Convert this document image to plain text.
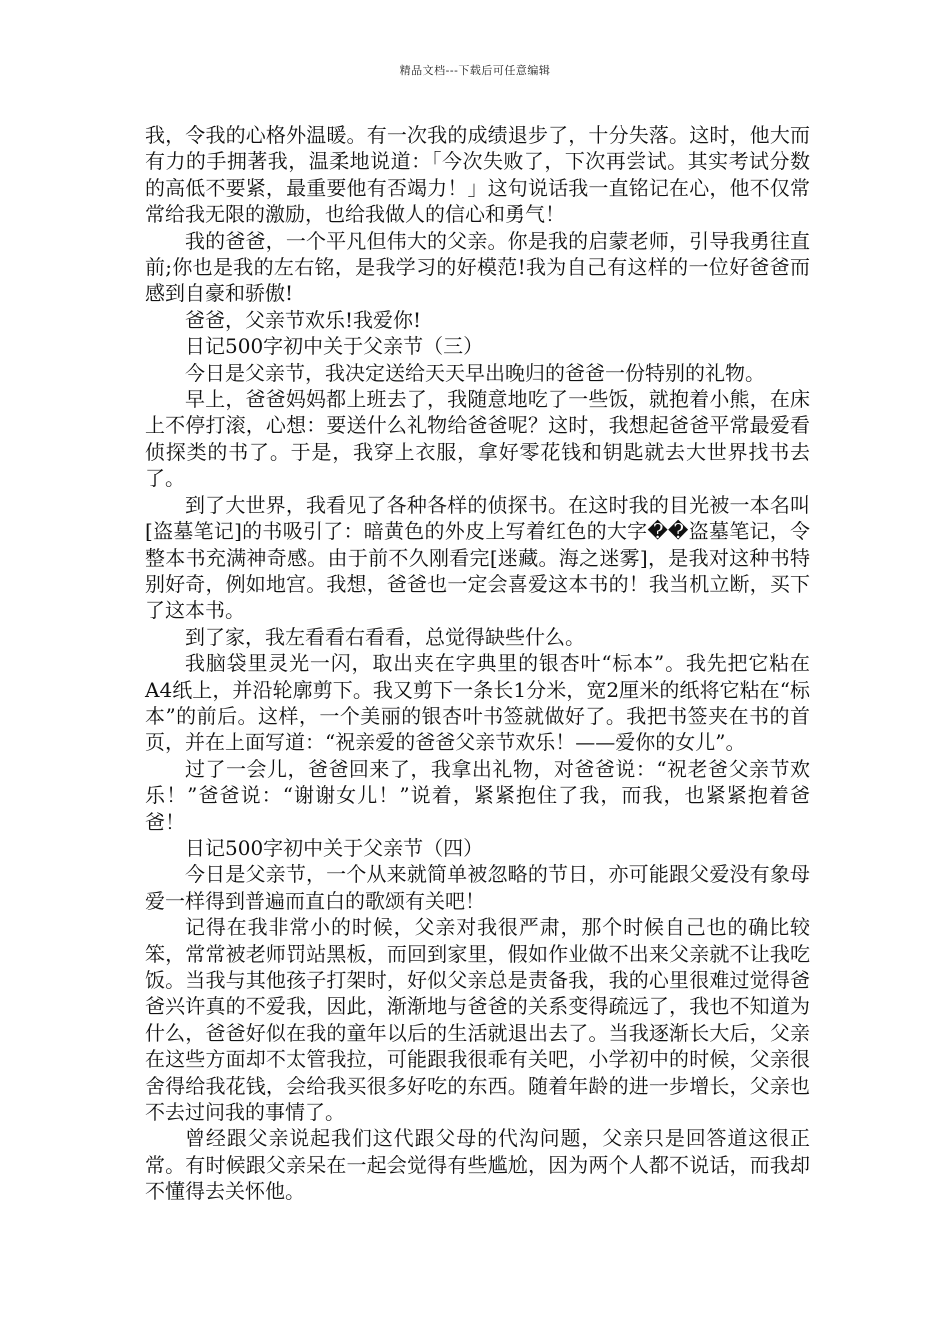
精品文档---下载后可任意编辑

我，令我的心格外温暖。有一次我的成绩退步了，十分失落。这时，他大而有力的手拥著我，温柔地说道：「今次失败了，下次再尝试。其实考试分数的高低不要紧，最重要他有否竭力！」这句说话我一直铭记在心，他不仅常常给我无限的激励，也给我做人的信心和勇气！

我的爸爸，一个平凡但伟大的父亲。你是我的启蒙老师，引导我勇往直前;你也是我的左右铭，是我学习的好模范!我为自己有这样的一位好爸爸而感到自豪和骄傲!

爸爸，父亲节欢乐!我爱你!

日记500字初中关于父亲节（三）

今日是父亲节，我决定送给天天早出晚归的爸爸一份特别的礼物。

早上，爸爸妈妈都上班去了，我随意地吃了一些饭，就抱着小熊，在床上不停打滚，心想：要送什么礼物给爸爸呢？这时，我想起爸爸平常最爱看侦探类的书了。于是，我穿上衣服，拿好零花钱和钥匙就去大世界找书去了。

到了大世界，我看见了各种各样的侦探书。在这时我的目光被一本名叫[盗墓笔记]的书吸引了：暗黄色的外皮上写着红色的大字��盗墓笔记，令整本书充满神奇感。由于前不久刚看完[迷藏。海之迷雾]，是我对这种书特别好奇，例如地宫。我想，爸爸也一定会喜爱这本书的！我当机立断，买下了这本书。

到了家，我左看看右看看，总觉得缺些什么。

我脑袋里灵光一闪，取出夹在字典里的银杏叶“标本”。我先把它粘在A4纸上，并沿轮廓剪下。我又剪下一条长1分米，宽2厘米的纸将它粘在“标本”的前后。这样，一个美丽的银杏叶书签就做好了。我把书签夹在书的首页，并在上面写道：“祝亲爱的爸爸父亲节欢乐！——爱你的女儿”。

过了一会儿，爸爸回来了，我拿出礼物，对爸爸说：“祝老爸父亲节欢乐！”爸爸说：“谢谢女儿！”说着，紧紧抱住了我，而我，也紧紧抱着爸爸！

日记500字初中关于父亲节（四）

今日是父亲节，一个从来就简单被忽略的节日，亦可能跟父爱没有象母爱一样得到普遍而直白的歌颂有关吧！

记得在我非常小的时候，父亲对我很严肃，那个时候自己也的确比较笨，常常被老师罚站黑板，而回到家里，假如作业做不出来父亲就不让我吃饭。当我与其他孩子打架时，好似父亲总是责备我，我的心里很难过觉得爸爸兴许真的不爱我，因此，渐渐地与爸爸的关系变得疏远了，我也不知道为什么，爸爸好似在我的童年以后的生活就退出去了。当我逐渐长大后，父亲在这些方面却不太管我拉，可能跟我很乖有关吧，小学初中的时候，父亲很舍得给我花钱，会给我买很多好吃的东西。随着年龄的进一步增长，父亲也不去过问我的事情了。

曾经跟父亲说起我们这代跟父母的代沟问题，父亲只是回答道这很正常。有时候跟父亲呆在一起会觉得有些尴尬，因为两个人都不说话，而我却不懂得去关怀他。
